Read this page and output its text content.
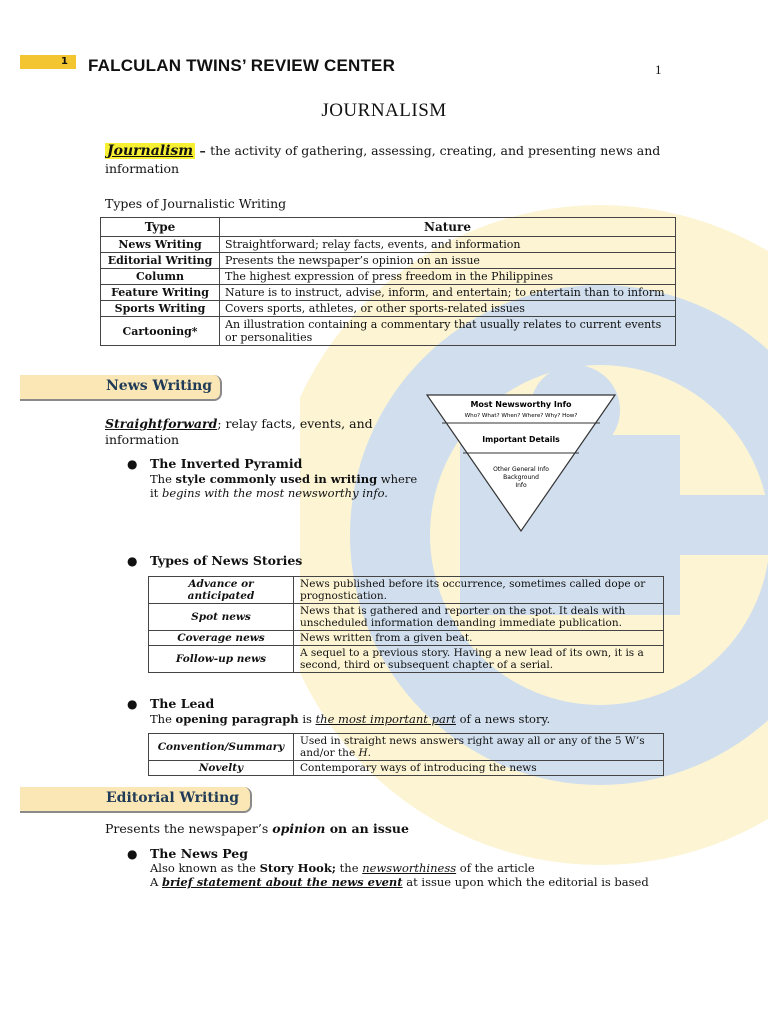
1	FALCULAN TWINS’ REVIEW CENTER	1
JOURNALISM
Journalism – the activity of gathering, assessing, creating, and presenting news and information
Types of Journalistic Writing
Type	Nature
News Writing	Straightforward; relay facts, events, and information
Editorial Writing	Presents the newspaper’s opinion on an issue
Column	The highest expression of press freedom in the Philippines
Feature Writing	Nature is to instruct, advise, inform, and entertain; to entertain than to inform
Sports Writing	Covers sports, athletes, or other sports-related issues
Cartooning*	An illustration containing a commentary that usually relates to current events or personalities
News Writing
Straightforward; relay facts, events, and
information
Most Newsworthy Info
Who? What? When? Where? Why? How?
Important Details
Other General Info
Background
Info
● The Inverted Pyramid
The style commonly used in writing where
it begins with the most newsworthy info.
● Types of News Stories
Advance or anticipated	News published before its occurrence, sometimes called dope or prognostication.
Spot news	News that is gathered and reporter on the spot. It deals with unscheduled information demanding immediate publication.
Coverage news	News written from a given beat.
Follow-up news	A sequel to a previous story. Having a new lead of its own, it is a second, third or subsequent chapter of a serial.
● The Lead
The opening paragraph is the most important part of a news story.
Convention/Summary	Used in straight news answers right away all or any of the 5 W’s and/or the H.
Novelty	Contemporary ways of introducing the news
Editorial Writing
Presents the newspaper’s opinion on an issue
● The News Peg
Also known as the Story Hook; the newsworthiness of the article
A brief statement about the news event at issue upon which the editorial is based
